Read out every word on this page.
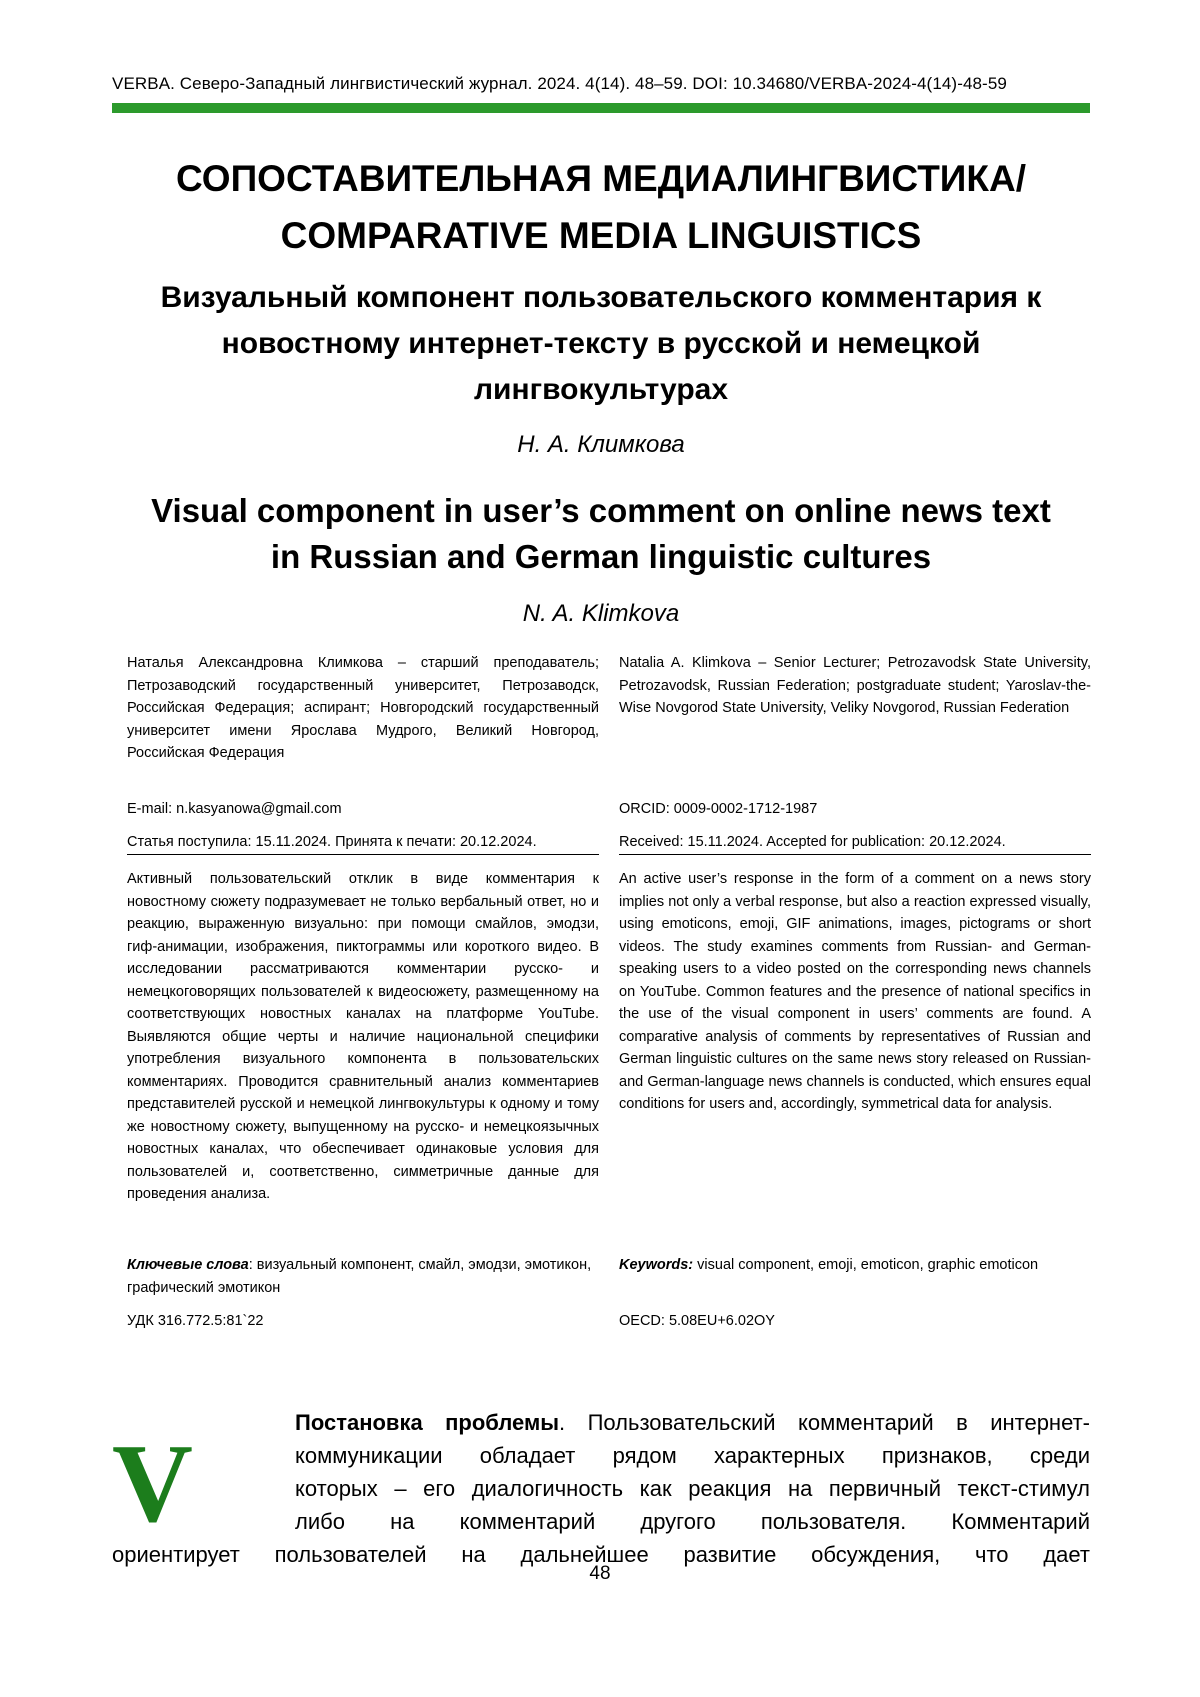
VERBA. Северо-Западный лингвистический журнал. 2024. 4(14). 48–59. DOI: 10.34680/VERBA-2024-4(14)-48-59
СОПОСТАВИТЕЛЬНАЯ МЕДИАЛИНГВИСТИКА/
COMPARATIVE MEDIA LINGUISTICS
Визуальный компонент пользовательского комментария к
новостному интернет-тексту в русской и немецкой
лингвокультурах
Н. А. Климкова
Visual component in user’s comment on online news text
in Russian and German linguistic cultures
N. A. Klimkova
Наталья Александровна Климкова – старший преподаватель; Петрозаводский государственный университет, Петрозаводск, Российская Федерация; аспирант; Новгородский государственный университет имени Ярослава Мудрого, Великий Новгород, Российская Федерация
E-mail: n.kasyanowa@gmail.com
Статья поступила: 15.11.2024. Принята к печати: 20.12.2024.
Активный пользовательский отклик в виде комментария к новостному сюжету подразумевает не только вербальный ответ, но и реакцию, выраженную визуально: при помощи смайлов, эмодзи, гиф-анимации, изображения, пиктограммы или короткого видео. В исследовании рассматриваются комментарии русско- и немецкоговорящих пользователей к видеосюжету, размещенному на соответствующих новостных каналах на платформе YouTube. Выявляются общие черты и наличие национальной специфики употребления визуального компонента в пользовательских комментариях. Проводится сравнительный анализ комментариев представителей русской и немецкой лингвокультуры к одному и тому же новостному сюжету, выпущенному на русско- и немецкоязычных новостных каналах, что обеспечивает одинаковые условия для пользователей и, соответственно, симметричные данные для проведения анализа.
Ключевые слова: визуальный компонент, смайл, эмодзи, эмотикон, графический эмотикон
УДК 316.772.5:81`22
Natalia A. Klimkova – Senior Lecturer; Petrozavodsk State University, Petrozavodsk, Russian Federation; postgraduate student; Yaroslav-the-Wise Novgorod State University, Veliky Novgorod, Russian Federation
ORCID: 0009-0002-1712-1987
Received: 15.11.2024. Accepted for publication: 20.12.2024.
An active user’s response in the form of a comment on a news story implies not only a verbal response, but also a reaction expressed visually, using emoticons, emoji, GIF animations, images, pictograms or short videos. The study examines comments from Russian- and German-speaking users to a video posted on the corresponding news channels on YouTube. Common features and the presence of national specifics in the use of the visual component in users’ comments are found. A comparative analysis of comments by representatives of Russian and German linguistic cultures on the same news story released on Russian- and German-language news channels is conducted, which ensures equal conditions for users and, accordingly, symmetrical data for analysis.
Keywords: visual component, emoji, emoticon, graphic emoticon
OECD: 5.08EU+6.02OY
V	Постановка проблемы. Пользовательский комментарий в интернет-
коммуникации обладает рядом характерных признаков, среди
которых – его диалогичность как реакция на первичный текст-стимул
либо на комментарий другого пользователя. Комментарий
ориентирует пользователей на дальнейшее развитие обсуждения, что дает
48
